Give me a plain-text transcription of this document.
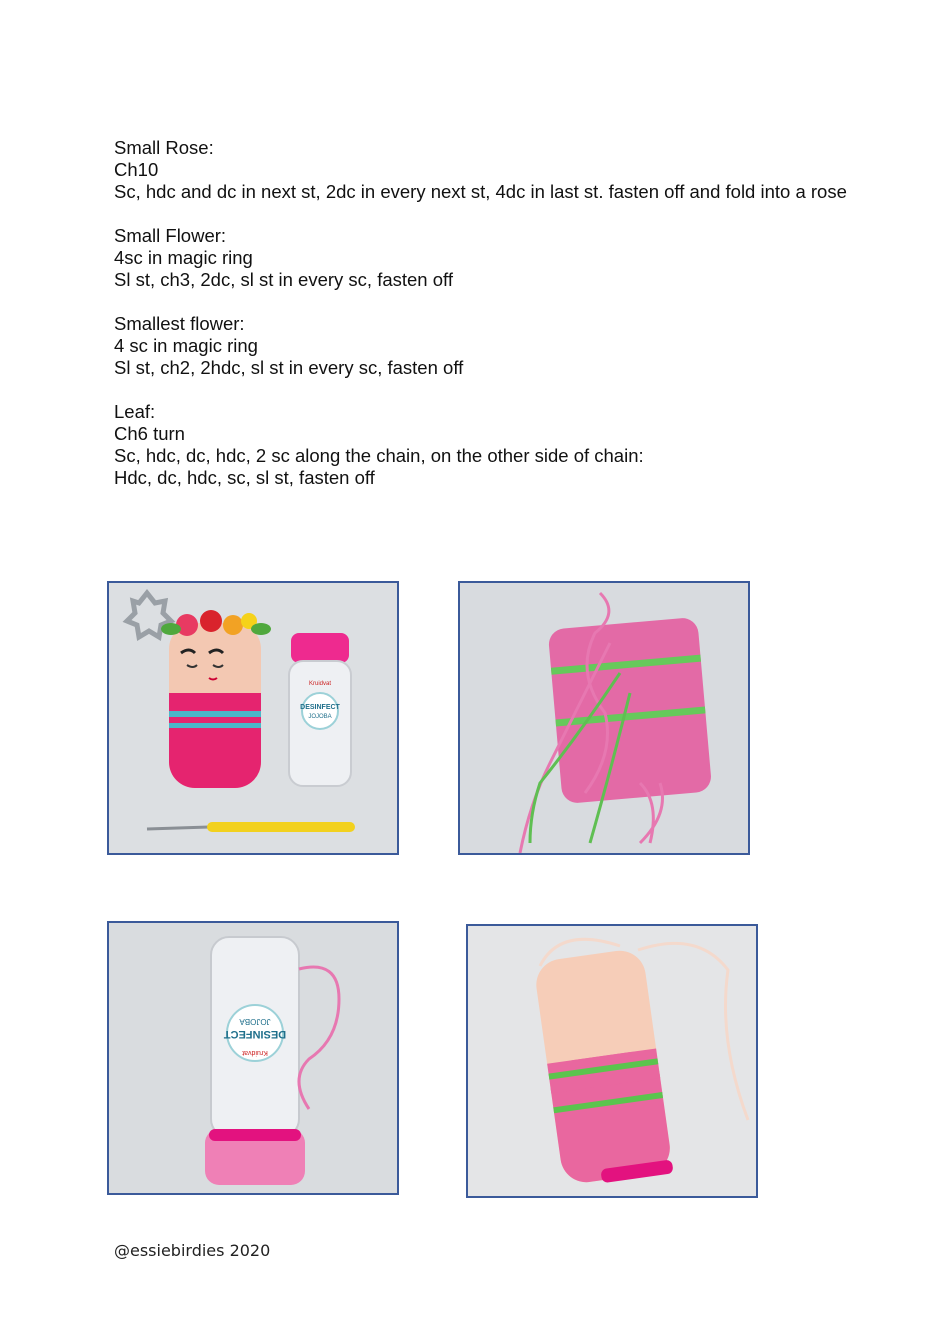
Small Rose:
Ch10
Sc, hdc and dc in next st, 2dc in every next st, 4dc in last st. fasten off and fold into a rose
Small Flower:
4sc in magic ring
Sl st, ch3, 2dc, sl st in every sc, fasten off
Smallest flower:
4 sc in magic ring
Sl st, ch2, 2hdc, sl st in every sc, fasten off
Leaf:
Ch6 turn
Sc, hdc, dc, hdc, 2 sc along the chain, on the other side of chain:
Hdc, dc, hdc, sc, sl st, fasten off
Kruidvat
DESINFECT
JOJOBA
Kruidvat
DESINFECT
JOJOBA
@essiebirdies 2020
